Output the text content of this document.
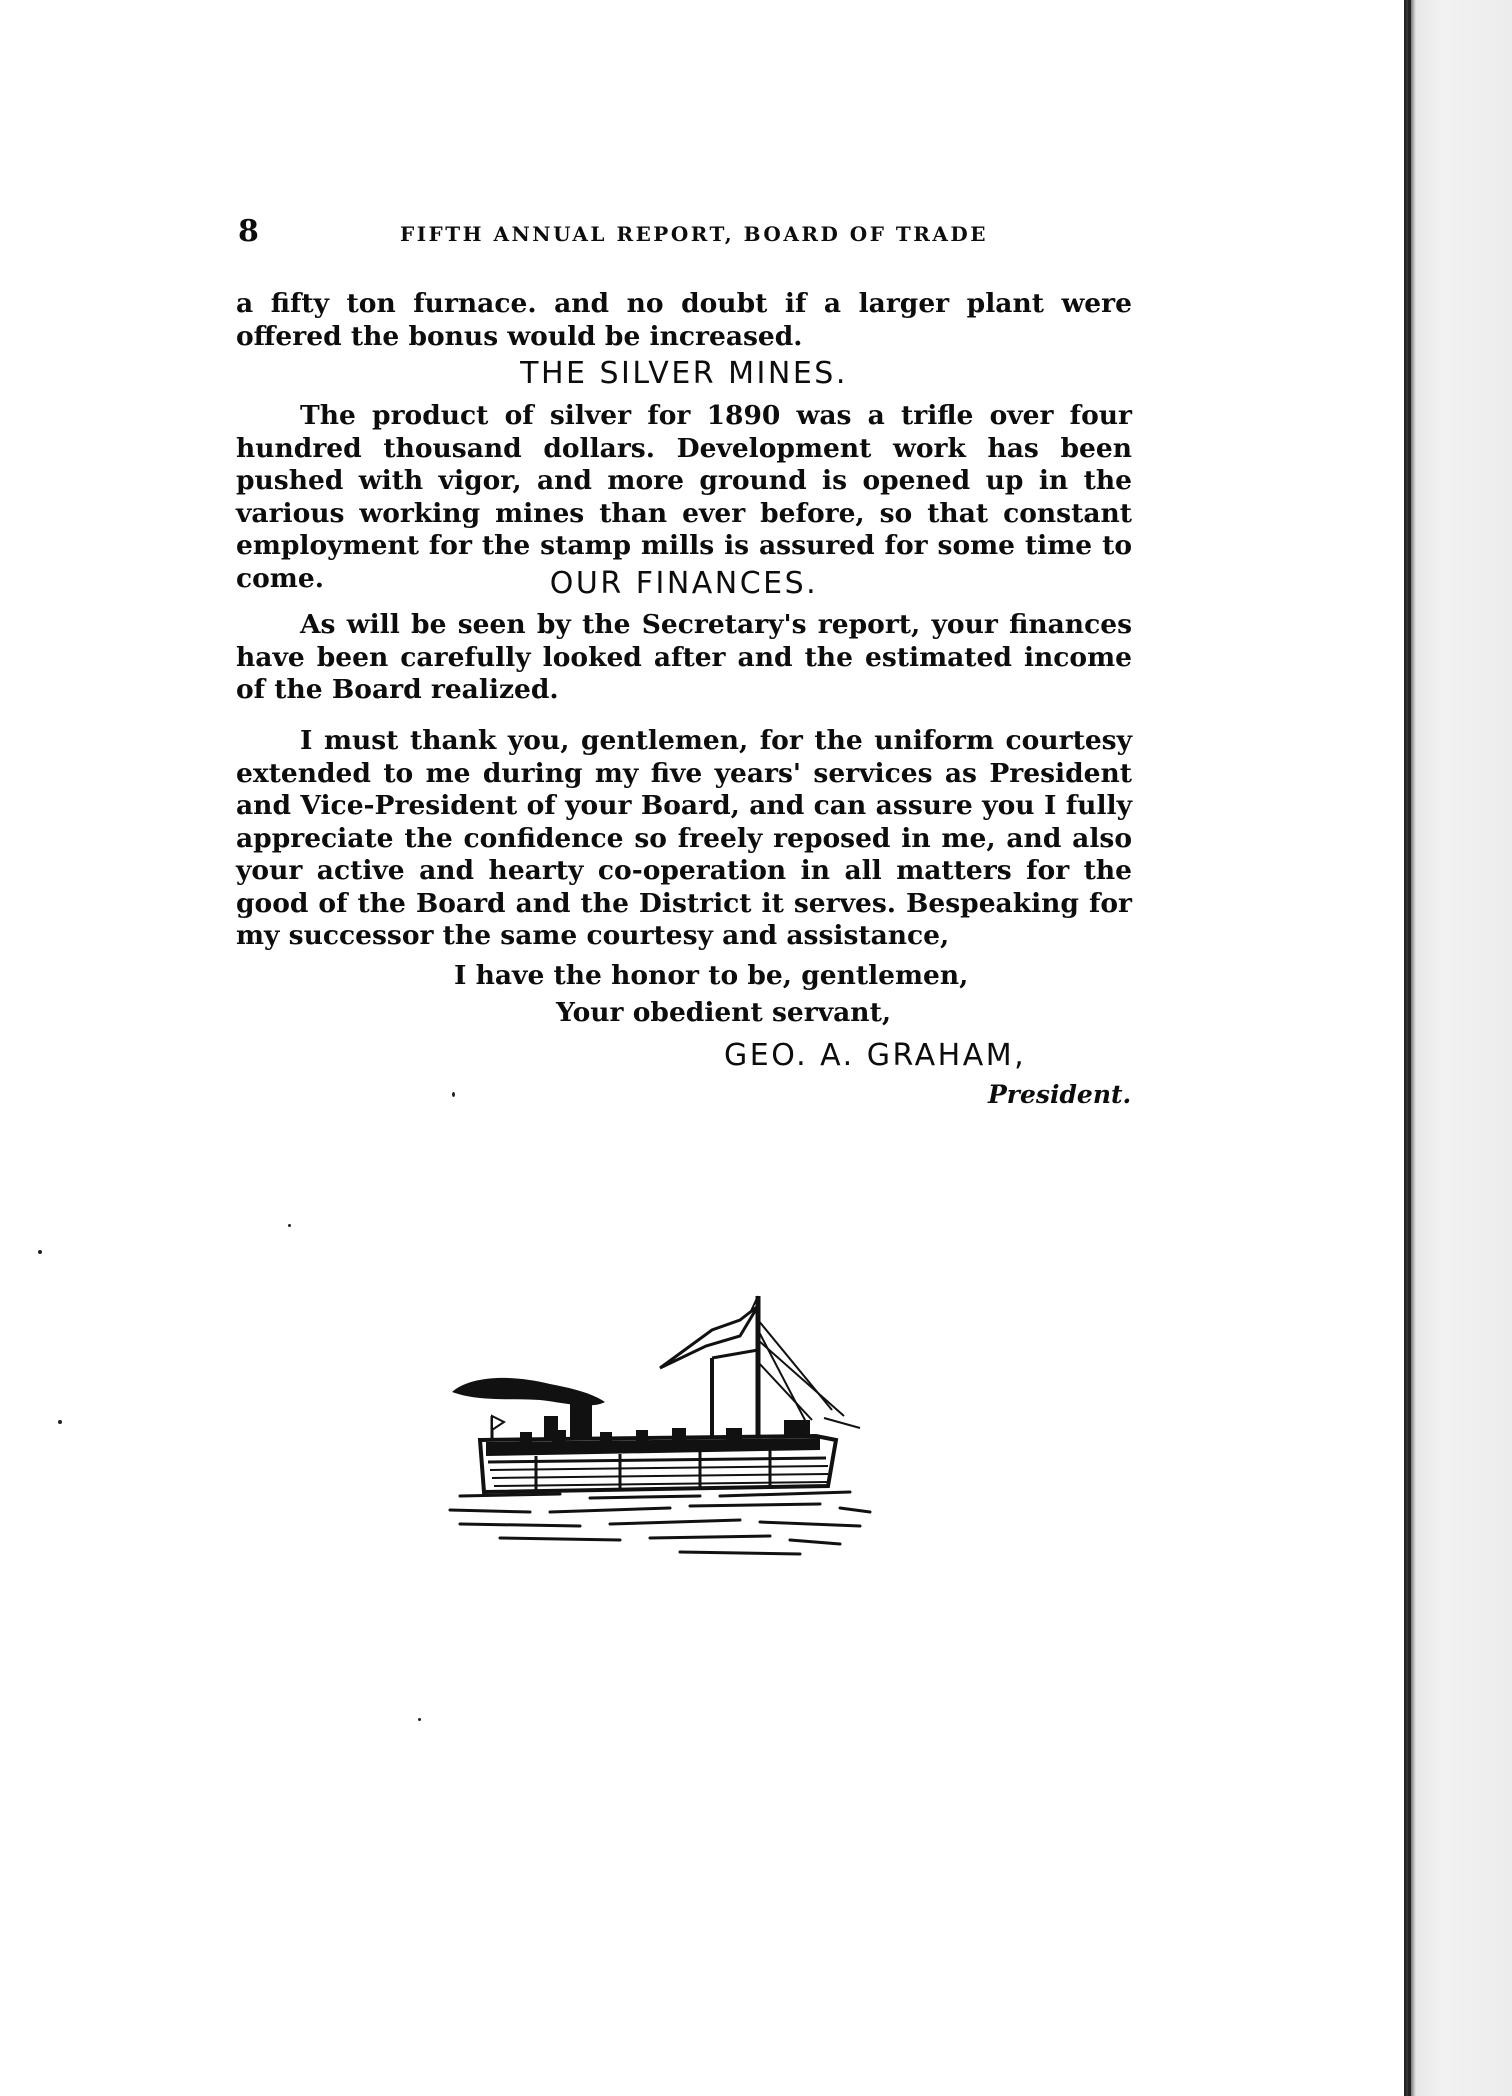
8	FIFTH ANNUAL REPORT, BOARD OF TRADE

a fifty ton furnace. and no doubt if a larger plant were offered the bonus would be increased.

THE SILVER MINES.

The product of silver for 1890 was a trifle over four hundred thousand dollars. Development work has been pushed with vigor, and more ground is opened up in the various working mines than ever before, so that constant employment for the stamp mills is assured for some time to come.	OUR FINANCES.

As will be seen by the Secretary's report, your finances have been carefully looked after and the estimated income of the Board realized.

I must thank you, gentlemen, for the uniform courtesy extended to me during my five years' services as President and Vice-President of your Board, and can assure you I fully appreciate the confidence so freely reposed in me, and also your active and hearty co-operation in all matters for the good of the Board and the District it serves. Bespeaking for my successor the same courtesy and assistance,

I have the honor to be, gentlemen,

Your obedient servant,

GEO. A. GRAHAM,
President.
